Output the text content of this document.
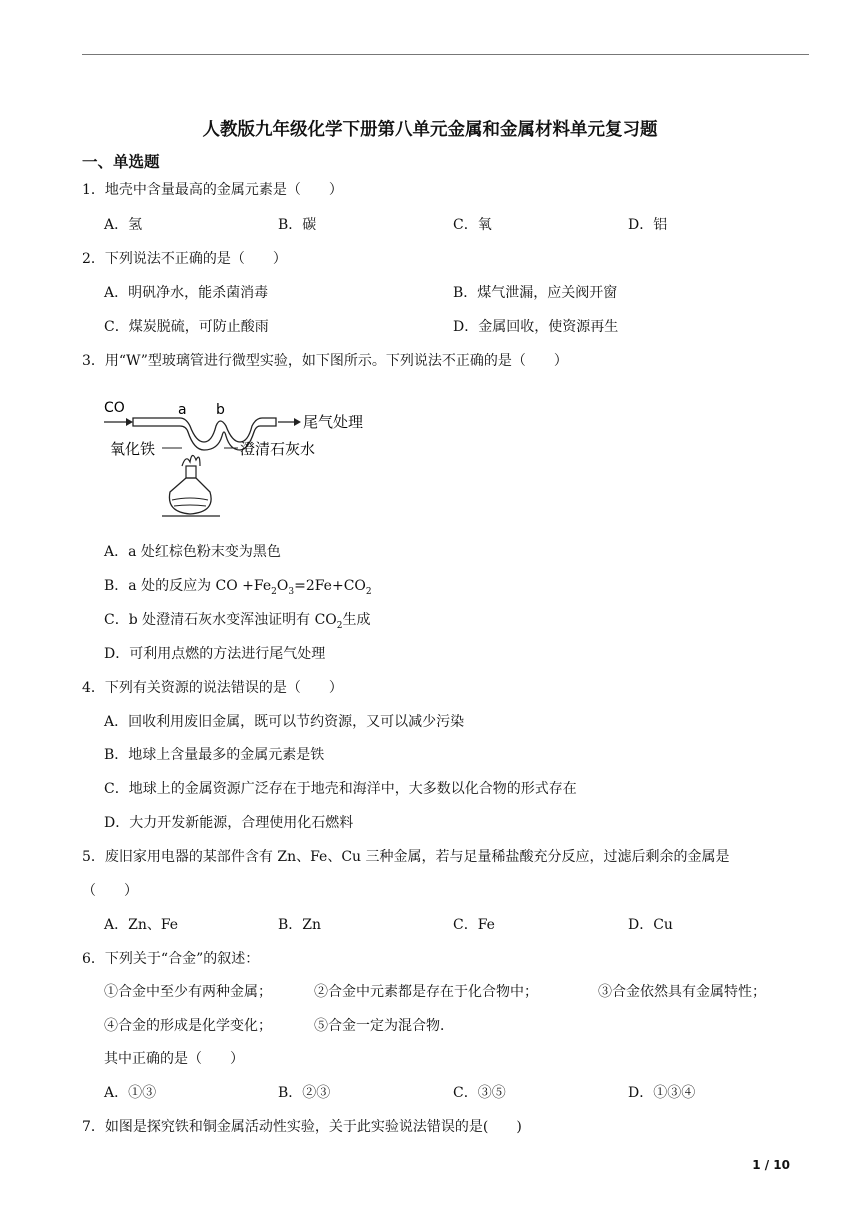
人教版九年级化学下册第八单元金属和金属材料单元复习题
一、单选题
1．地壳中含量最高的金属元素是（　　）
A．氢	B．碳	C．氧	D．铝
2．下列说法不正确的是（　　）
A．明矾净水，能杀菌消毒	B．煤气泄漏，应关阀开窗
C．煤炭脱硫，可防止酸雨	D．金属回收，使资源再生
3．用“W”型玻璃管进行微型实验，如下图所示。下列说法不正确的是（　　）
CO	a b
尾气处理
氧化铁	澄清石灰水
A．a 处红棕色粉末变为黑色
B．a 处的反应为 CO $+Fe_2O_3=2Fe+CO_2$
C．b 处澄清石灰水变浑浊证明有 $CO_2$生成
D．可利用点燃的方法进行尾气处理
4．下列有关资源的说法错误的是（　　）
A．回收利用废旧金属，既可以节约资源，又可以减少污染
B．地球上含量最多的金属元素是铁
C．地球上的金属资源广泛存在于地壳和海洋中，大多数以化合物的形式存在
D．大力开发新能源，合理使用化石燃料
5．废旧家用电器的某部件含有 Zn、Fe、Cu 三种金属，若与足量稀盐酸充分反应，过滤后剩余的金属是
（　　）
A．Zn、Fe	B．Zn	C．Fe	D．Cu
6．下列关于“合金”的叙述：
①合金中至少有两种金属；	②合金中元素都是存在于化合物中；	③合金依然具有金属特性；
④合金的形成是化学变化；	⑤合金一定为混合物．
其中正确的是（　　）
A．①③	B．②③	C．③⑤	D．①③④
7．如图是探究铁和铜金属活动性实验，关于此实验说法错误的是(　　)
1 / 10
